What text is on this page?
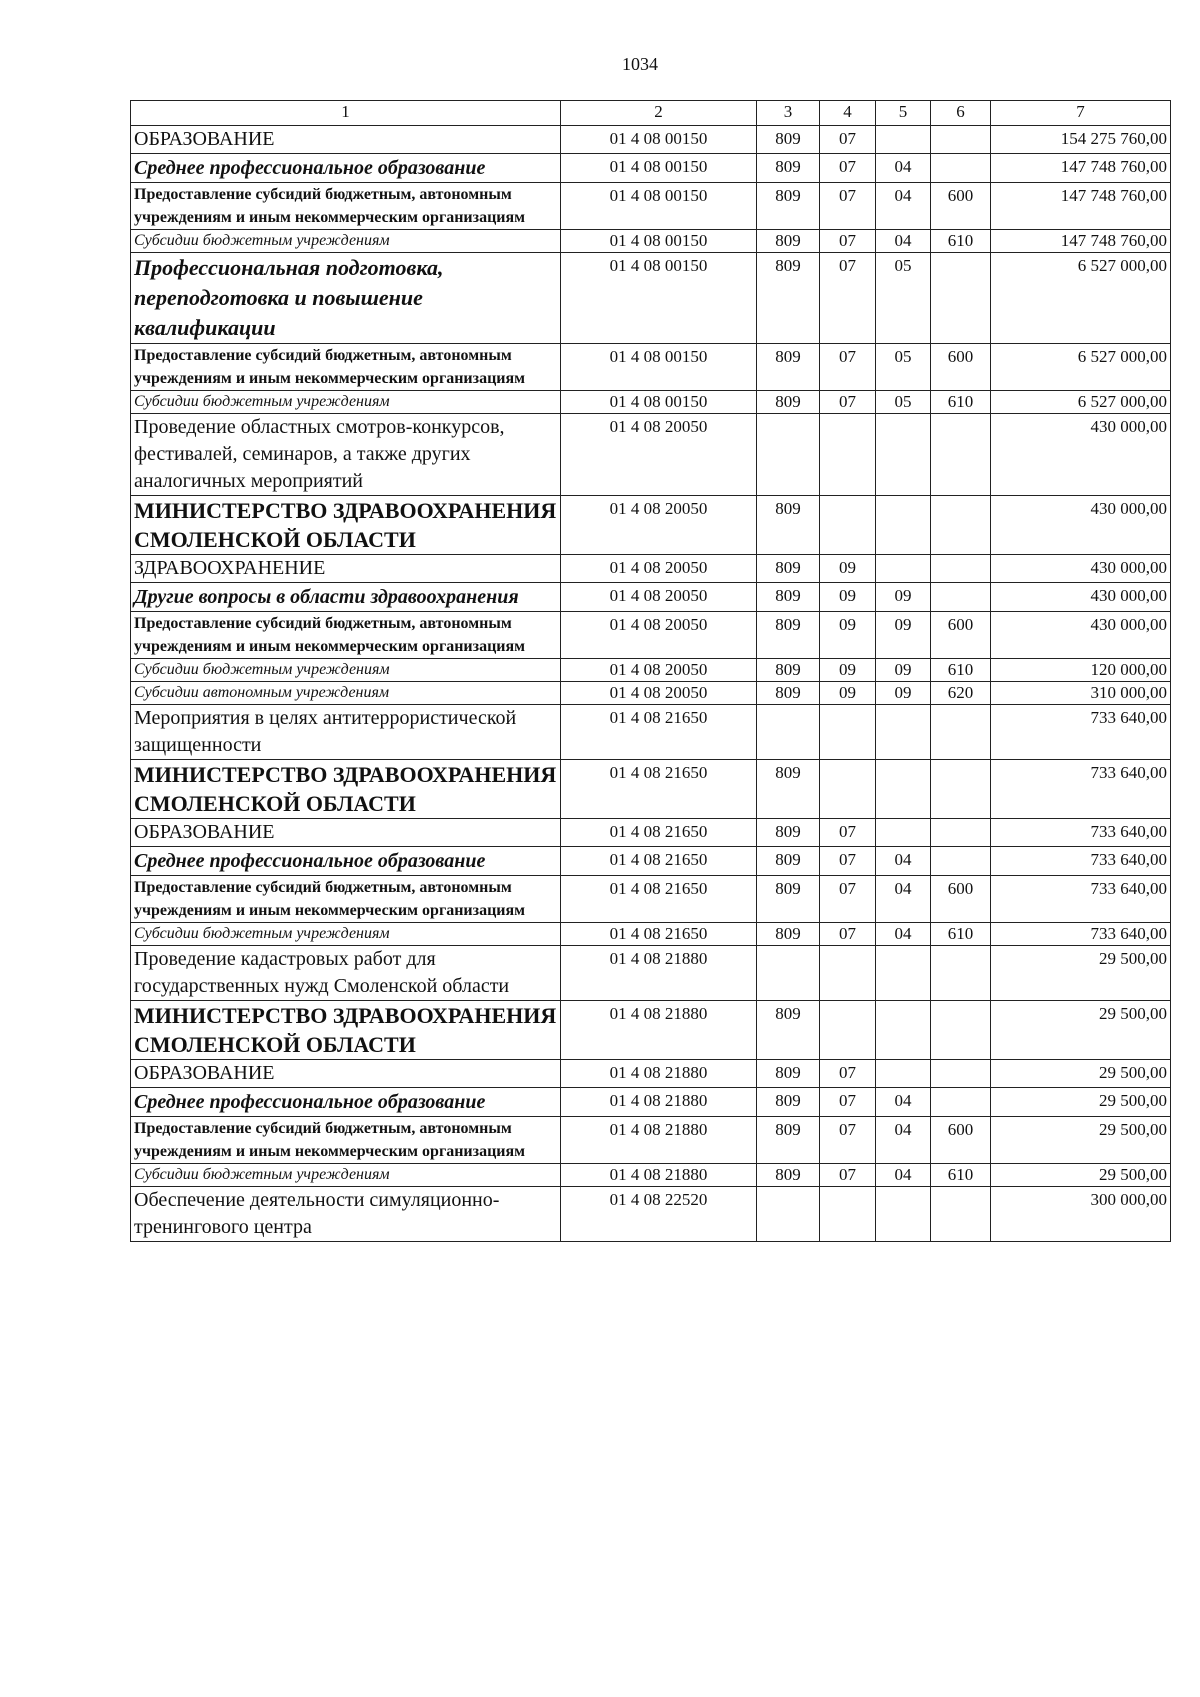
1034
1	2	3	4	5	6	7
ОБРАЗОВАНИЕ	01 4 08 00150	809	07			154 275 760,00
Среднее профессиональное образование	01 4 08 00150	809	07	04		147 748 760,00
Предоставление субсидий бюджетным, автономным учреждениям и иным некоммерческим организациям	01 4 08 00150	809	07	04	600	147 748 760,00
Субсидии бюджетным учреждениям	01 4 08 00150	809	07	04	610	147 748 760,00
Профессиональная подготовка, переподготовка и повышение квалификации	01 4 08 00150	809	07	05		6 527 000,00
Предоставление субсидий бюджетным, автономным учреждениям и иным некоммерческим организациям	01 4 08 00150	809	07	05	600	6 527 000,00
Субсидии бюджетным учреждениям	01 4 08 00150	809	07	05	610	6 527 000,00
Проведение областных смотров-конкурсов, фестивалей, семинаров, а также других аналогичных мероприятий	01 4 08 20050					430 000,00
МИНИСТЕРСТВО ЗДРАВООХРАНЕНИЯ СМОЛЕНСКОЙ ОБЛАСТИ	01 4 08 20050	809				430 000,00
ЗДРАВООХРАНЕНИЕ	01 4 08 20050	809	09			430 000,00
Другие вопросы в области здравоохранения	01 4 08 20050	809	09	09		430 000,00
Предоставление субсидий бюджетным, автономным учреждениям и иным некоммерческим организациям	01 4 08 20050	809	09	09	600	430 000,00
Субсидии бюджетным учреждениям	01 4 08 20050	809	09	09	610	120 000,00
Субсидии автономным учреждениям	01 4 08 20050	809	09	09	620	310 000,00
Мероприятия в целях антитеррористической защищенности	01 4 08 21650					733 640,00
МИНИСТЕРСТВО ЗДРАВООХРАНЕНИЯ СМОЛЕНСКОЙ ОБЛАСТИ	01 4 08 21650	809				733 640,00
ОБРАЗОВАНИЕ	01 4 08 21650	809	07			733 640,00
Среднее профессиональное образование	01 4 08 21650	809	07	04		733 640,00
Предоставление субсидий бюджетным, автономным учреждениям и иным некоммерческим организациям	01 4 08 21650	809	07	04	600	733 640,00
Субсидии бюджетным учреждениям	01 4 08 21650	809	07	04	610	733 640,00
Проведение кадастровых работ для государственных нужд Смоленской области	01 4 08 21880					29 500,00
МИНИСТЕРСТВО ЗДРАВООХРАНЕНИЯ СМОЛЕНСКОЙ ОБЛАСТИ	01 4 08 21880	809				29 500,00
ОБРАЗОВАНИЕ	01 4 08 21880	809	07			29 500,00
Среднее профессиональное образование	01 4 08 21880	809	07	04		29 500,00
Предоставление субсидий бюджетным, автономным учреждениям и иным некоммерческим организациям	01 4 08 21880	809	07	04	600	29 500,00
Субсидии бюджетным учреждениям	01 4 08 21880	809	07	04	610	29 500,00
Обеспечение деятельности симуляционно-тренингового центра	01 4 08 22520					300 000,00
